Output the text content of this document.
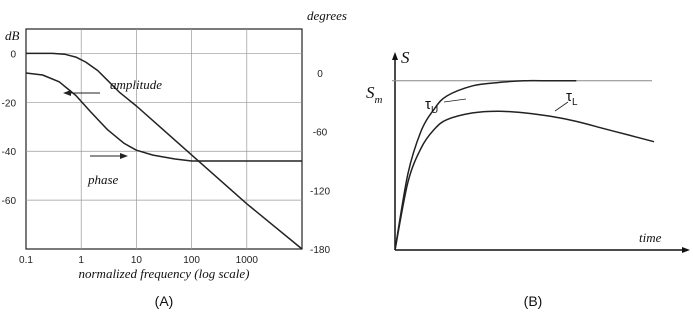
0.1	1	10	100	1000
0
-20
-40
-60
0
-60
-120
-180
dB
degrees
normalized frequency (log scale)
amplitude
phase
(A)
S
$S_m$	$\tau_U$
$\tau_L$
time
(B)
